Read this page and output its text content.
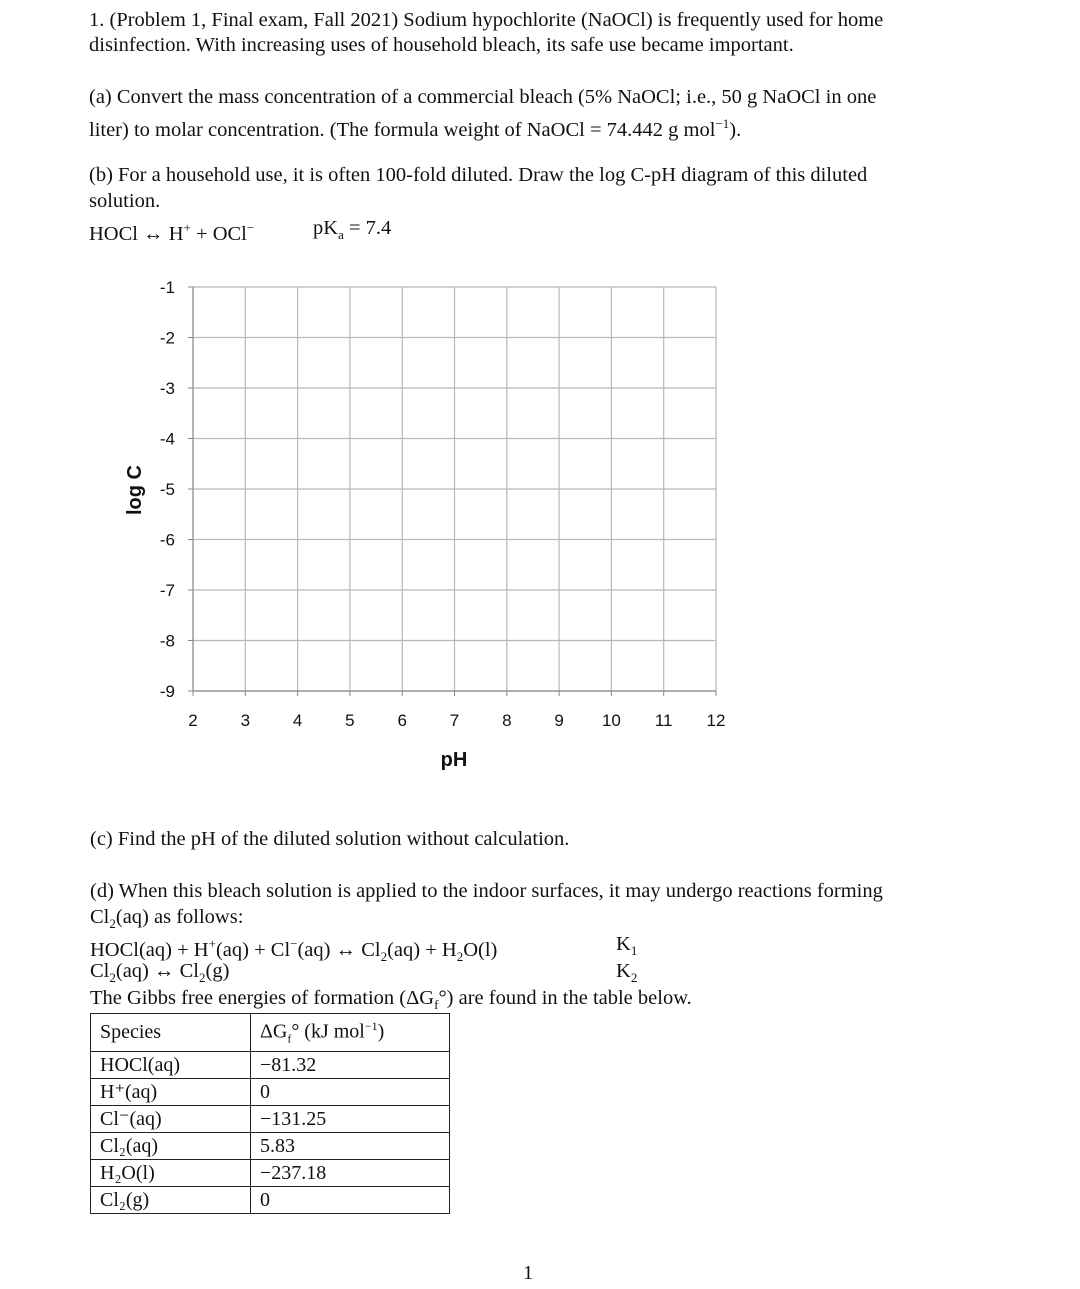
1. (Problem 1, Final exam, Fall 2021) Sodium hypochlorite (NaOCl) is frequently used for home
disinfection. With increasing uses of household bleach, its safe use became important.
(a) Convert the mass concentration of a commercial bleach (5% NaOCl; i.e., 50 g NaOCl in one
liter) to molar concentration. (The formula weight of NaOCl = 74.442 g mol$^{-1}$).
(b) For a household use, it is often 100-fold diluted. Draw the log C-pH diagram of this diluted
solution.
HOCl ↔ H+ + OCl−	$pK_a = 7.4$
2	3	4	5	6	7	8	9 10 11 12
-1
-2
-3
-4
-5
-6
-7
-8
-9
pH
log C
(c) Find the pH of the diluted solution without calculation.
(d) When this bleach solution is applied to the indoor surfaces, it may undergo reactions forming
$Cl_2(aq)$ as follows:
HOCl(aq) + H+(aq) + Cl−(aq) ↔ $Cl_2(aq) + H_2O(l)$	$K_1$
$Cl_2(aq)$ ↔ $Cl_2(g)$	$K_2$
The Gibbs free energies of formation $(\Delta G_f^\circ)$ are found in the table below.
Species	$\Delta G_f^\circ$ (kJ mol$^{-1}$)
HOCl(aq)	−81.32
H⁺(aq)	0
Cl⁻(aq)	−131.25
Cl₂(aq)	5.83
H₂O(l)	−237.18
Cl₂(g)	0
1
